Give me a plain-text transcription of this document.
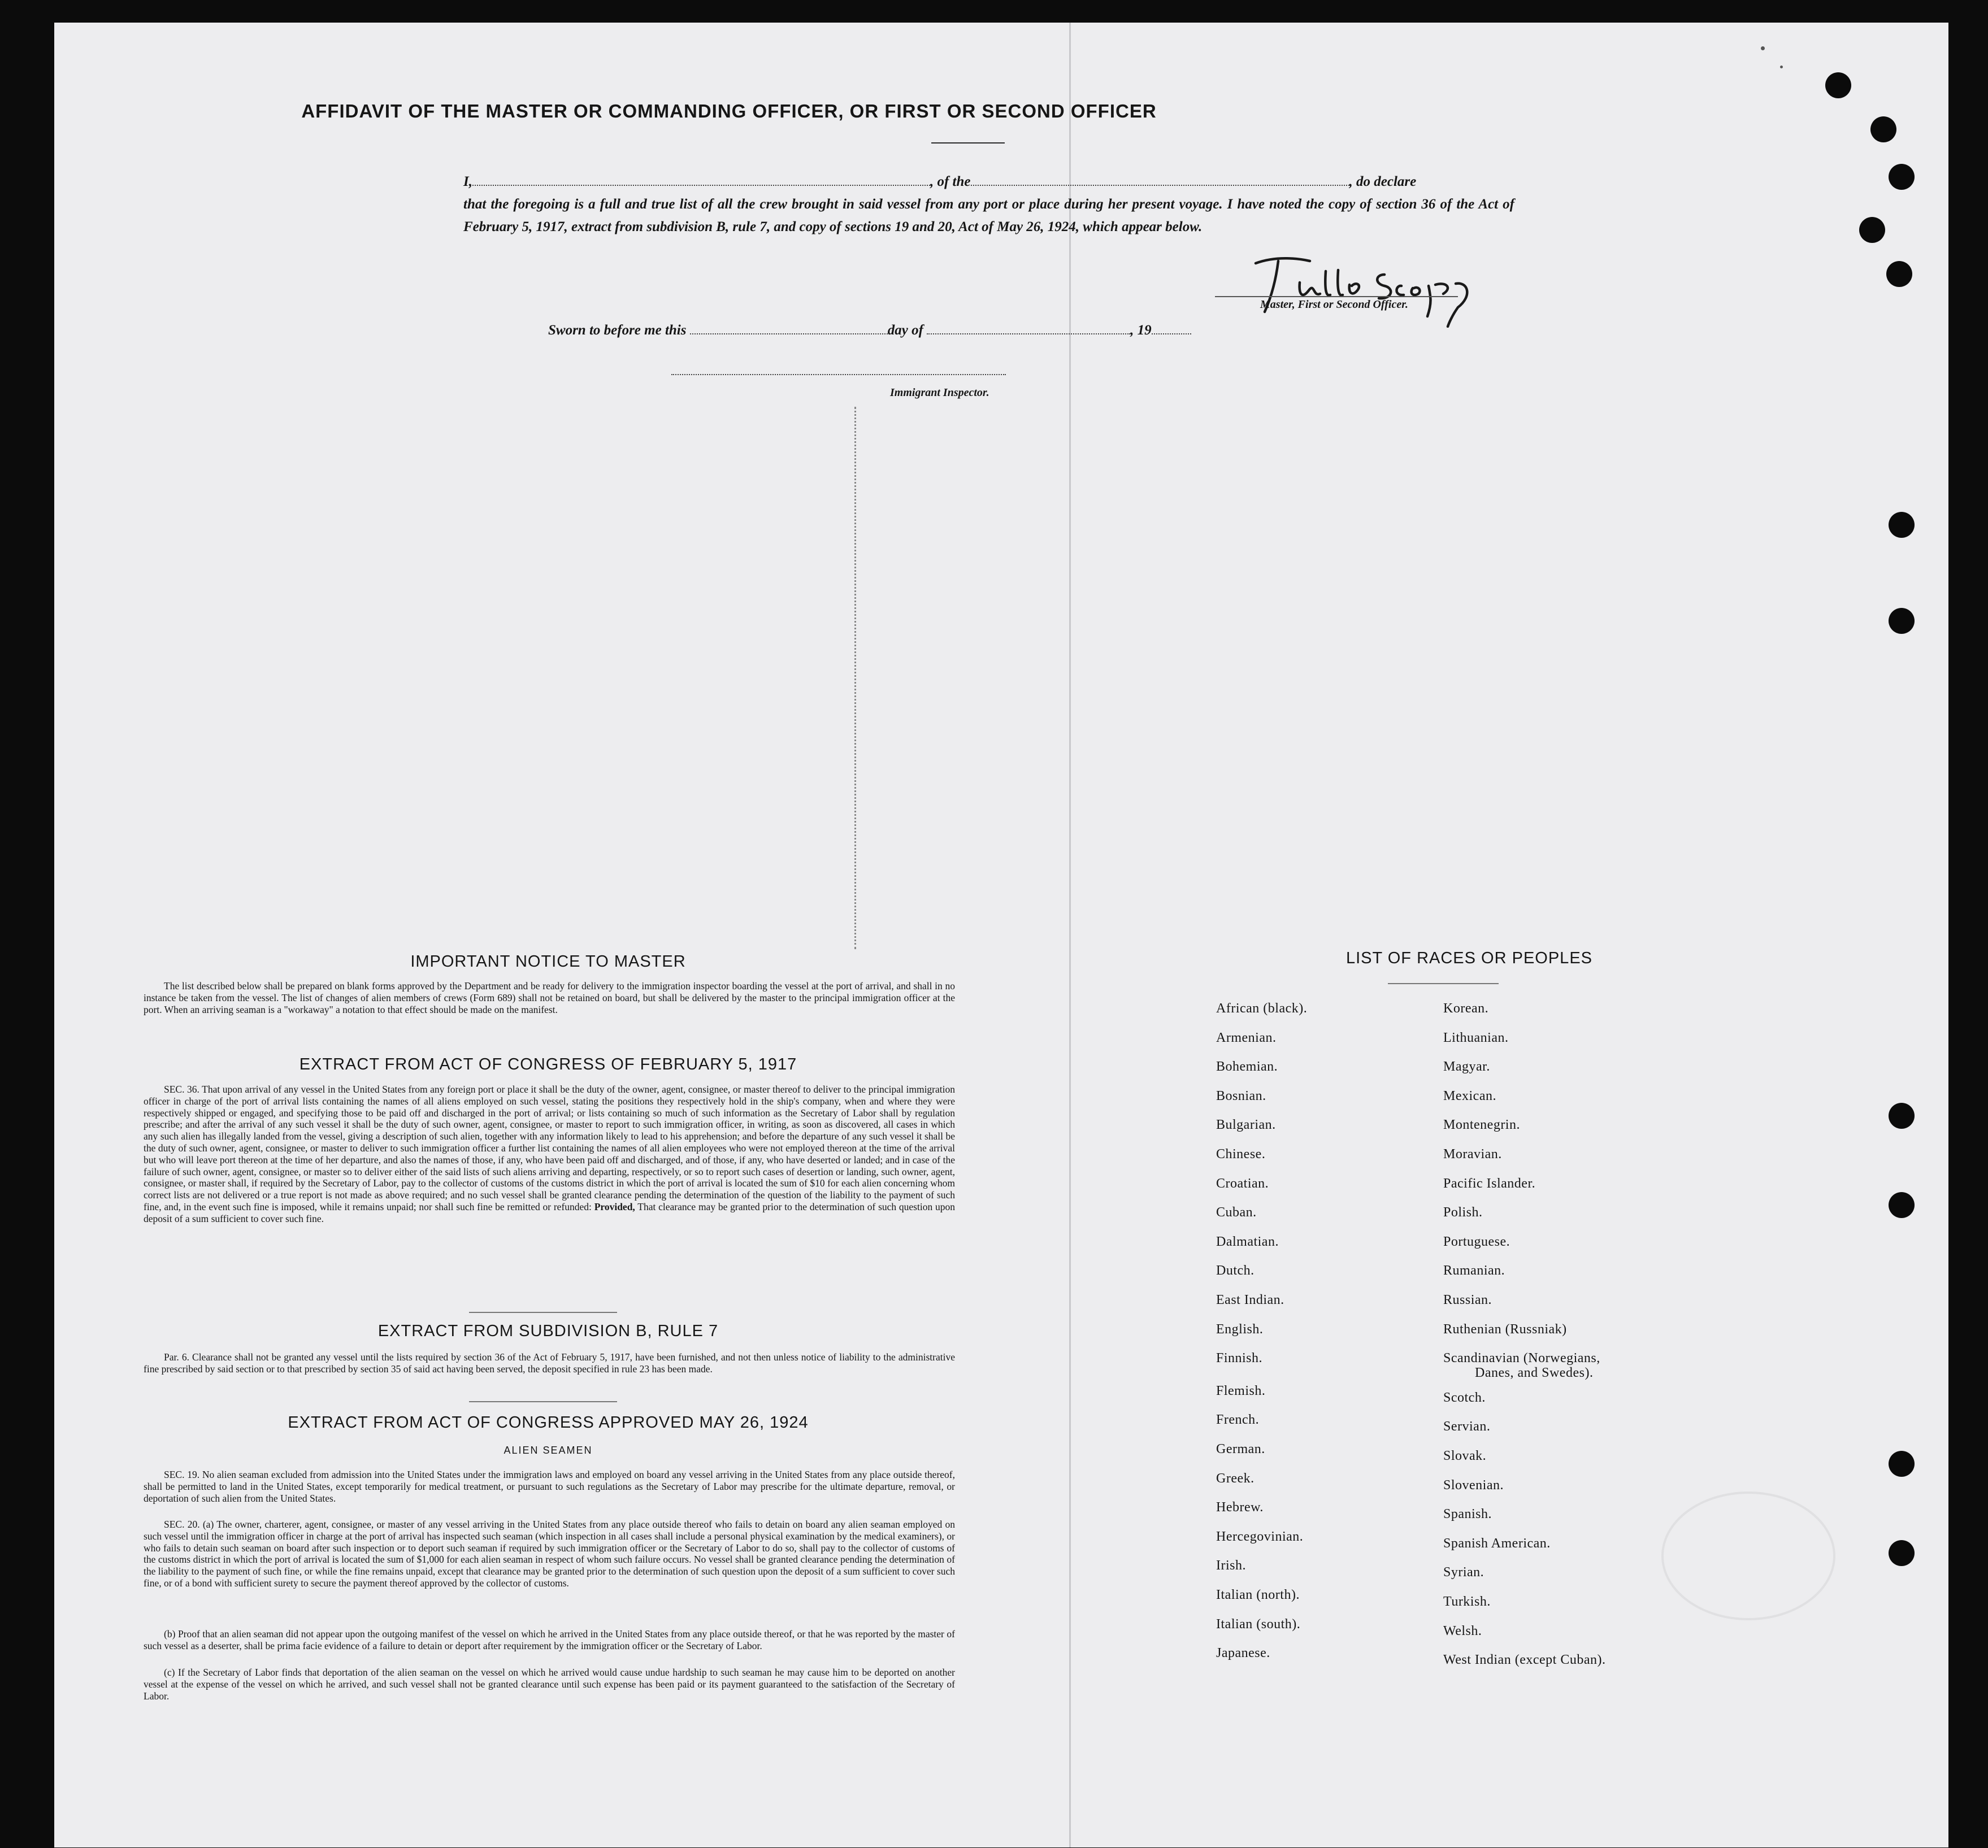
AFFIDAVIT OF THE MASTER OR COMMANDING OFFICER, OR FIRST OR SECOND OFFICER
I,	, of the	, do declare
that the foregoing is a full and true list of all the crew brought in said vessel from any port or place during her present voyage. I have noted the copy of section 36 of the Act of February 5, 1917, extract from subdivision B, rule 7, and copy of sections 19 and 20, Act of May 26, 1924, which appear below.
Master, First or Second Officer.
Sworn to before me this	day of	, 19
Immigrant Inspector.
IMPORTANT NOTICE TO MASTER
The list described below shall be prepared on blank forms approved by the Department and be ready for delivery to the immigration inspector boarding the vessel at the port of arrival, and shall in no instance be taken from the vessel. The list of changes of alien members of crews (Form 689) shall not be retained on board, but shall be delivered by the master to the principal immigration officer at the port. When an arriving seaman is a "workaway" a notation to that effect should be made on the manifest.
EXTRACT FROM ACT OF CONGRESS OF FEBRUARY 5, 1917
SEC. 36. That upon arrival of any vessel in the United States from any foreign port or place it shall be the duty of the owner, agent, consignee, or master thereof to deliver to the principal immigration officer in charge of the port of arrival lists containing the names of all aliens employed on such vessel, stating the positions they respectively hold in the ship's company, when and where they were respectively shipped or engaged, and specifying those to be paid off and discharged in the port of arrival; or lists containing so much of such information as the Secretary of Labor shall by regulation prescribe; and after the arrival of any such vessel it shall be the duty of such owner, agent, consignee, or master to report to such immigration officer, in writing, as soon as discovered, all cases in which any such alien has illegally landed from the vessel, giving a description of such alien, together with any information likely to lead to his apprehension; and before the departure of any such vessel it shall be the duty of such owner, agent, consignee, or master to deliver to such immigration officer a further list containing the names of all alien employees who were not employed thereon at the time of the arrival but who will leave port thereon at the time of her departure, and also the names of those, if any, who have been paid off and discharged, and of those, if any, who have deserted or landed; and in case of the failure of such owner, agent, consignee, or master so to deliver either of the said lists of such aliens arriving and departing, respectively, or so to report such cases of desertion or landing, such owner, agent, consignee, or master shall, if required by the Secretary of Labor, pay to the collector of customs of the customs district in which the port of arrival is located the sum of $10 for each alien concerning whom correct lists are not delivered or a true report is not made as above required; and no such vessel shall be granted clearance pending the determination of the question of the liability to the payment of such fine, and, in the event such fine is imposed, while it remains unpaid; nor shall such fine be remitted or refunded: Provided, That clearance may be granted prior to the determination of such question upon deposit of a sum sufficient to cover such fine.
EXTRACT FROM SUBDIVISION B, RULE 7
Par. 6. Clearance shall not be granted any vessel until the lists required by section 36 of the Act of February 5, 1917, have been furnished, and not then unless notice of liability to the administrative fine prescribed by said section or to that prescribed by section 35 of said act having been served, the deposit specified in rule 23 has been made.
EXTRACT FROM ACT OF CONGRESS APPROVED MAY 26, 1924
ALIEN SEAMEN
SEC. 19. No alien seaman excluded from admission into the United States under the immigration laws and employed on board any vessel arriving in the United States from any place outside thereof, shall be permitted to land in the United States, except temporarily for medical treatment, or pursuant to such regulations as the Secretary of Labor may prescribe for the ultimate departure, removal, or deportation of such alien from the United States.
SEC. 20. (a) The owner, charterer, agent, consignee, or master of any vessel arriving in the United States from any place outside thereof who fails to detain on board any alien seaman employed on such vessel until the immigration officer in charge at the port of arrival has inspected such seaman (which inspection in all cases shall include a personal physical examination by the medical examiners), or who fails to detain such seaman on board after such inspection or to deport such seaman if required by such immigration officer or the Secretary of Labor to do so, shall pay to the collector of customs of the customs district in which the port of arrival is located the sum of $1,000 for each alien seaman in respect of whom such failure occurs. No vessel shall be granted clearance pending the determination of the liability to the payment of such fine, or while the fine remains unpaid, except that clearance may be granted prior to the determination of such question upon the deposit of a sum sufficient to cover such fine, or of a bond with sufficient surety to secure the payment thereof approved by the collector of customs.
(b) Proof that an alien seaman did not appear upon the outgoing manifest of the vessel on which he arrived in the United States from any place outside thereof, or that he was reported by the master of such vessel as a deserter, shall be prima facie evidence of a failure to detain or deport after requirement by the immigration officer or the Secretary of Labor.
(c) If the Secretary of Labor finds that deportation of the alien seaman on the vessel on which he arrived would cause undue hardship to such seaman he may cause him to be deported on another vessel at the expense of the vessel on which he arrived, and such vessel shall not be granted clearance until such expense has been paid or its payment guaranteed to the satisfaction of the Secretary of Labor.
LIST OF RACES OR PEOPLES
African (black).
Armenian.
Bohemian.
Bosnian.
Bulgarian.
Chinese.
Croatian.
Cuban.
Dalmatian.
Dutch.
East Indian.
English.
Finnish.
Flemish.
French.
German.
Greek.
Hebrew.
Hercegovinian.
Irish.
Italian (north).
Italian (south).
Japanese.
Korean.
Lithuanian.
Magyar.
Mexican.
Montenegrin.
Moravian.
Pacific Islander.
Polish.
Portuguese.
Rumanian.
Russian.
Ruthenian (Russniak)
Scandinavian (Norwegians,
Danes, and Swedes).
Scotch.
Servian.
Slovak.
Slovenian.
Spanish.
Spanish American.
Syrian.
Turkish.
Welsh.
West Indian (except Cuban).
